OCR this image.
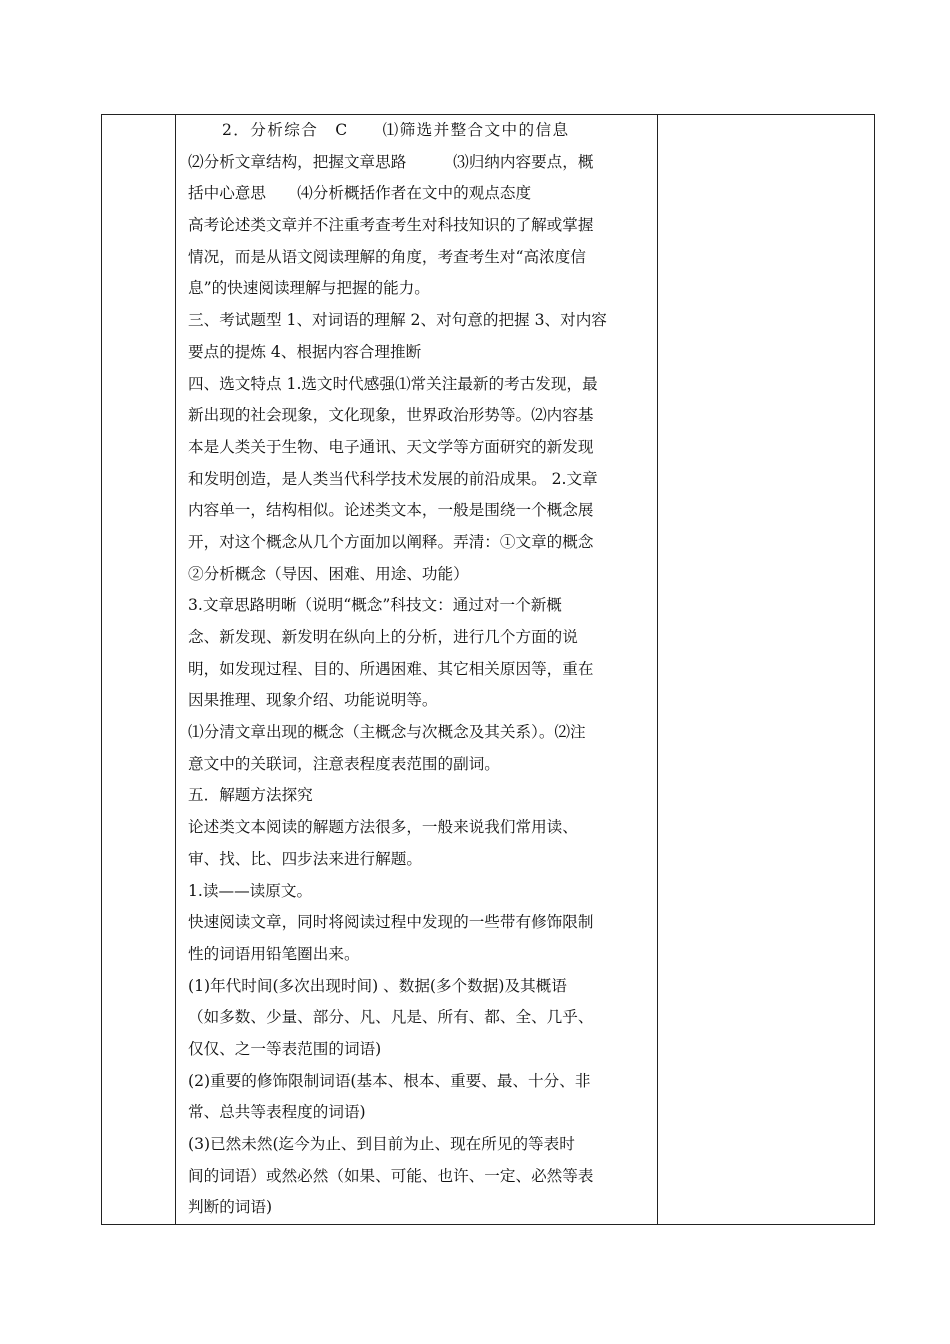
　　2．分析综合　C　　⑴筛选并整合文中的信息
⑵分析文章结构，把握文章思路　　　⑶归纳内容要点，概
括中心意思　　⑷分析概括作者在文中的观点态度
高考论述类文章并不注重考查考生对科技知识的了解或掌握
情况，而是从语文阅读理解的角度，考查考生对“高浓度信
息”的快速阅读理解与把握的能力。
三、考试题型 1、对词语的理解 2、对句意的把握 3、对内容
要点的提炼 4、根据内容合理推断
四、选文特点 1.选文时代感强⑴常关注最新的考古发现，最
新出现的社会现象，文化现象，世界政治形势等。⑵内容基
本是人类关于生物、电子通讯、天文学等方面研究的新发现
和发明创造，是人类当代科学技术发展的前沿成果。 2.文章
内容单一，结构相似。论述类文本，一般是围绕一个概念展
开，对这个概念从几个方面加以阐释。弄清：①文章的概念
②分析概念（导因、困难、用途、功能）
3.文章思路明晰（说明“概念”科技文：通过对一个新概
念、新发现、新发明在纵向上的分析，进行几个方面的说
明，如发现过程、目的、所遇困难、其它相关原因等，重在
因果推理、现象介绍、功能说明等。
⑴分清文章出现的概念（主概念与次概念及其关系）。⑵注
意文中的关联词，注意表程度表范围的副词。
五．解题方法探究
论述类文本阅读的解题方法很多，一般来说我们常用读、
审、找、比、四步法来进行解题。
1.读——读原文。
快速阅读文章，同时将阅读过程中发现的一些带有修饰限制
性的词语用铅笔圈出来。
(1)年代时间(多次出现时间) 、数据(多个数据)及其概语
（如多数、少量、部分、凡、凡是、所有、都、全、几乎、
仅仅、之一等表范围的词语)
(2)重要的修饰限制词语(基本、根本、重要、最、十分、非
常、总共等表程度的词语)
(3)已然未然(迄今为止、到目前为止、现在所见的等表时
间的词语）或然必然（如果、可能、也许、一定、必然等表
判断的词语)
